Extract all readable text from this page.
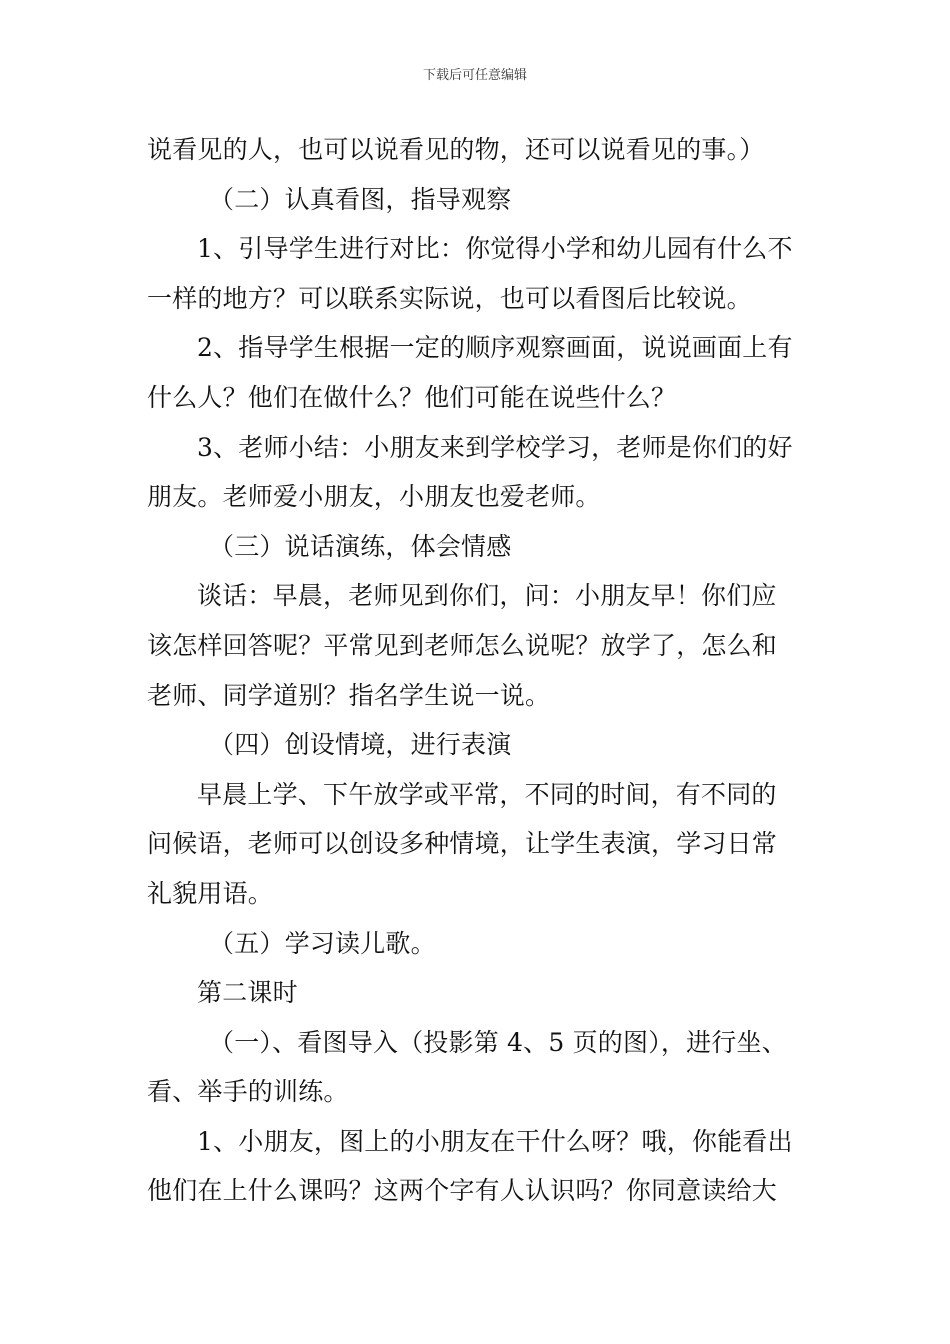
下载后可任意编辑
说看见的人，也可以说看见的物，还可以说看见的事。）
（二）认真看图，指导观察
1、引导学生进行对比：你觉得小学和幼儿园有什么不
一样的地方？可以联系实际说，也可以看图后比较说。
2、指导学生根据一定的顺序观察画面，说说画面上有
什么人？他们在做什么？他们可能在说些什么？
3、老师小结：小朋友来到学校学习，老师是你们的好
朋友。老师爱小朋友，小朋友也爱老师。
（三）说话演练，体会情感
谈话：早晨，老师见到你们，问：小朋友早！你们应
该怎样回答呢？平常见到老师怎么说呢？放学了，怎么和
老师、同学道别？指名学生说一说。
（四）创设情境，进行表演
早晨上学、下午放学或平常，不同的时间，有不同的
问候语，老师可以创设多种情境，让学生表演，学习日常
礼貌用语。
（五）学习读儿歌。
第二课时
（一）、看图导入（投影第 4、5 页的图），进行坐、
看、举手的训练。
1、小朋友，图上的小朋友在干什么呀？哦，你能看出
他们在上什么课吗？这两个字有人认识吗？你同意读给大
